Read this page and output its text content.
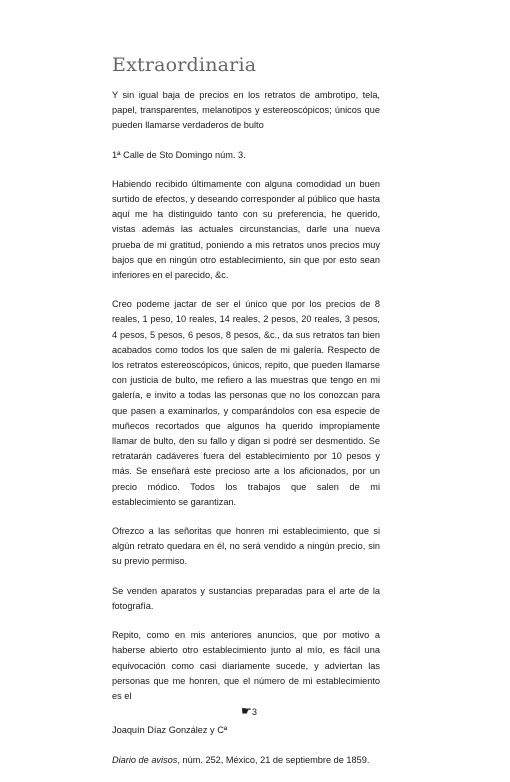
Extraordinaria

Y sin igual baja de precios en los retratos de ambrotipo, tela, papel, transparentes, melanotipos y estereoscópicos; únicos que pueden llamarse verdaderos de bulto

1ª Calle de Sto Domingo núm. 3.

Habiendo recibido últimamente con alguna comodidad un buen surtido de efectos, y deseando corresponder al público que hasta aquí me ha distinguido tanto con su preferencia, he querido, vistas además las actuales circunstancias, darle una nueva prueba de mi gratitud, poniendo a mis retratos unos precios muy bajos que en ningún otro establecimiento, sin que por esto sean inferiores en el parecido, &c.

Creo podeme jactar de ser el único que por los precios de 8 reales, 1 peso, 10 reales, 14 reales, 2 pesos, 20 reales, 3 pesos, 4 pesos, 5 pesos, 6 pesos, 8 pesos, &c., da sus retratos tan bien acabados como todos los que salen de mi galería. Respecto de los retratos estereoscópicos, únicos, repito, que pueden llamarse con justicia de bulto, me refiero a las muestras que tengo en mi galería, e invito a todas las personas que no los conozcan para que pasen a examinarlos, y comparándolos con esa especie de muñecos recortados que algunos ha querido impropiamente llamar de bulto, den su fallo y digan si podré ser desmentido. Se retratarán cadáveres fuera del establecimiento por 10 pesos y más. Se enseñará este precioso arte a los aficionados, por un precio módico. Todos los trabajos que salen de mi establecimiento se garantizan.

Ofrezco a las señoritas que honren mi establecimiento, que si algún retrato quedara en él, no será vendido a ningún precio, sin su previo permiso.

Se venden aparatos y sustancias preparadas para el arte de la fotografía.

Repito, como en mis anteriores anuncios, que por motivo a haberse abierto otro establecimiento junto al mío, es fácil una equivocación como casi diariamente sucede, y adviertan las personas que me honren, que el número de mi establecimiento es el

☛3

Joaquín Díaz González y Cª

Diario de avisos, núm. 252, México, 21 de septiembre de 1859.
